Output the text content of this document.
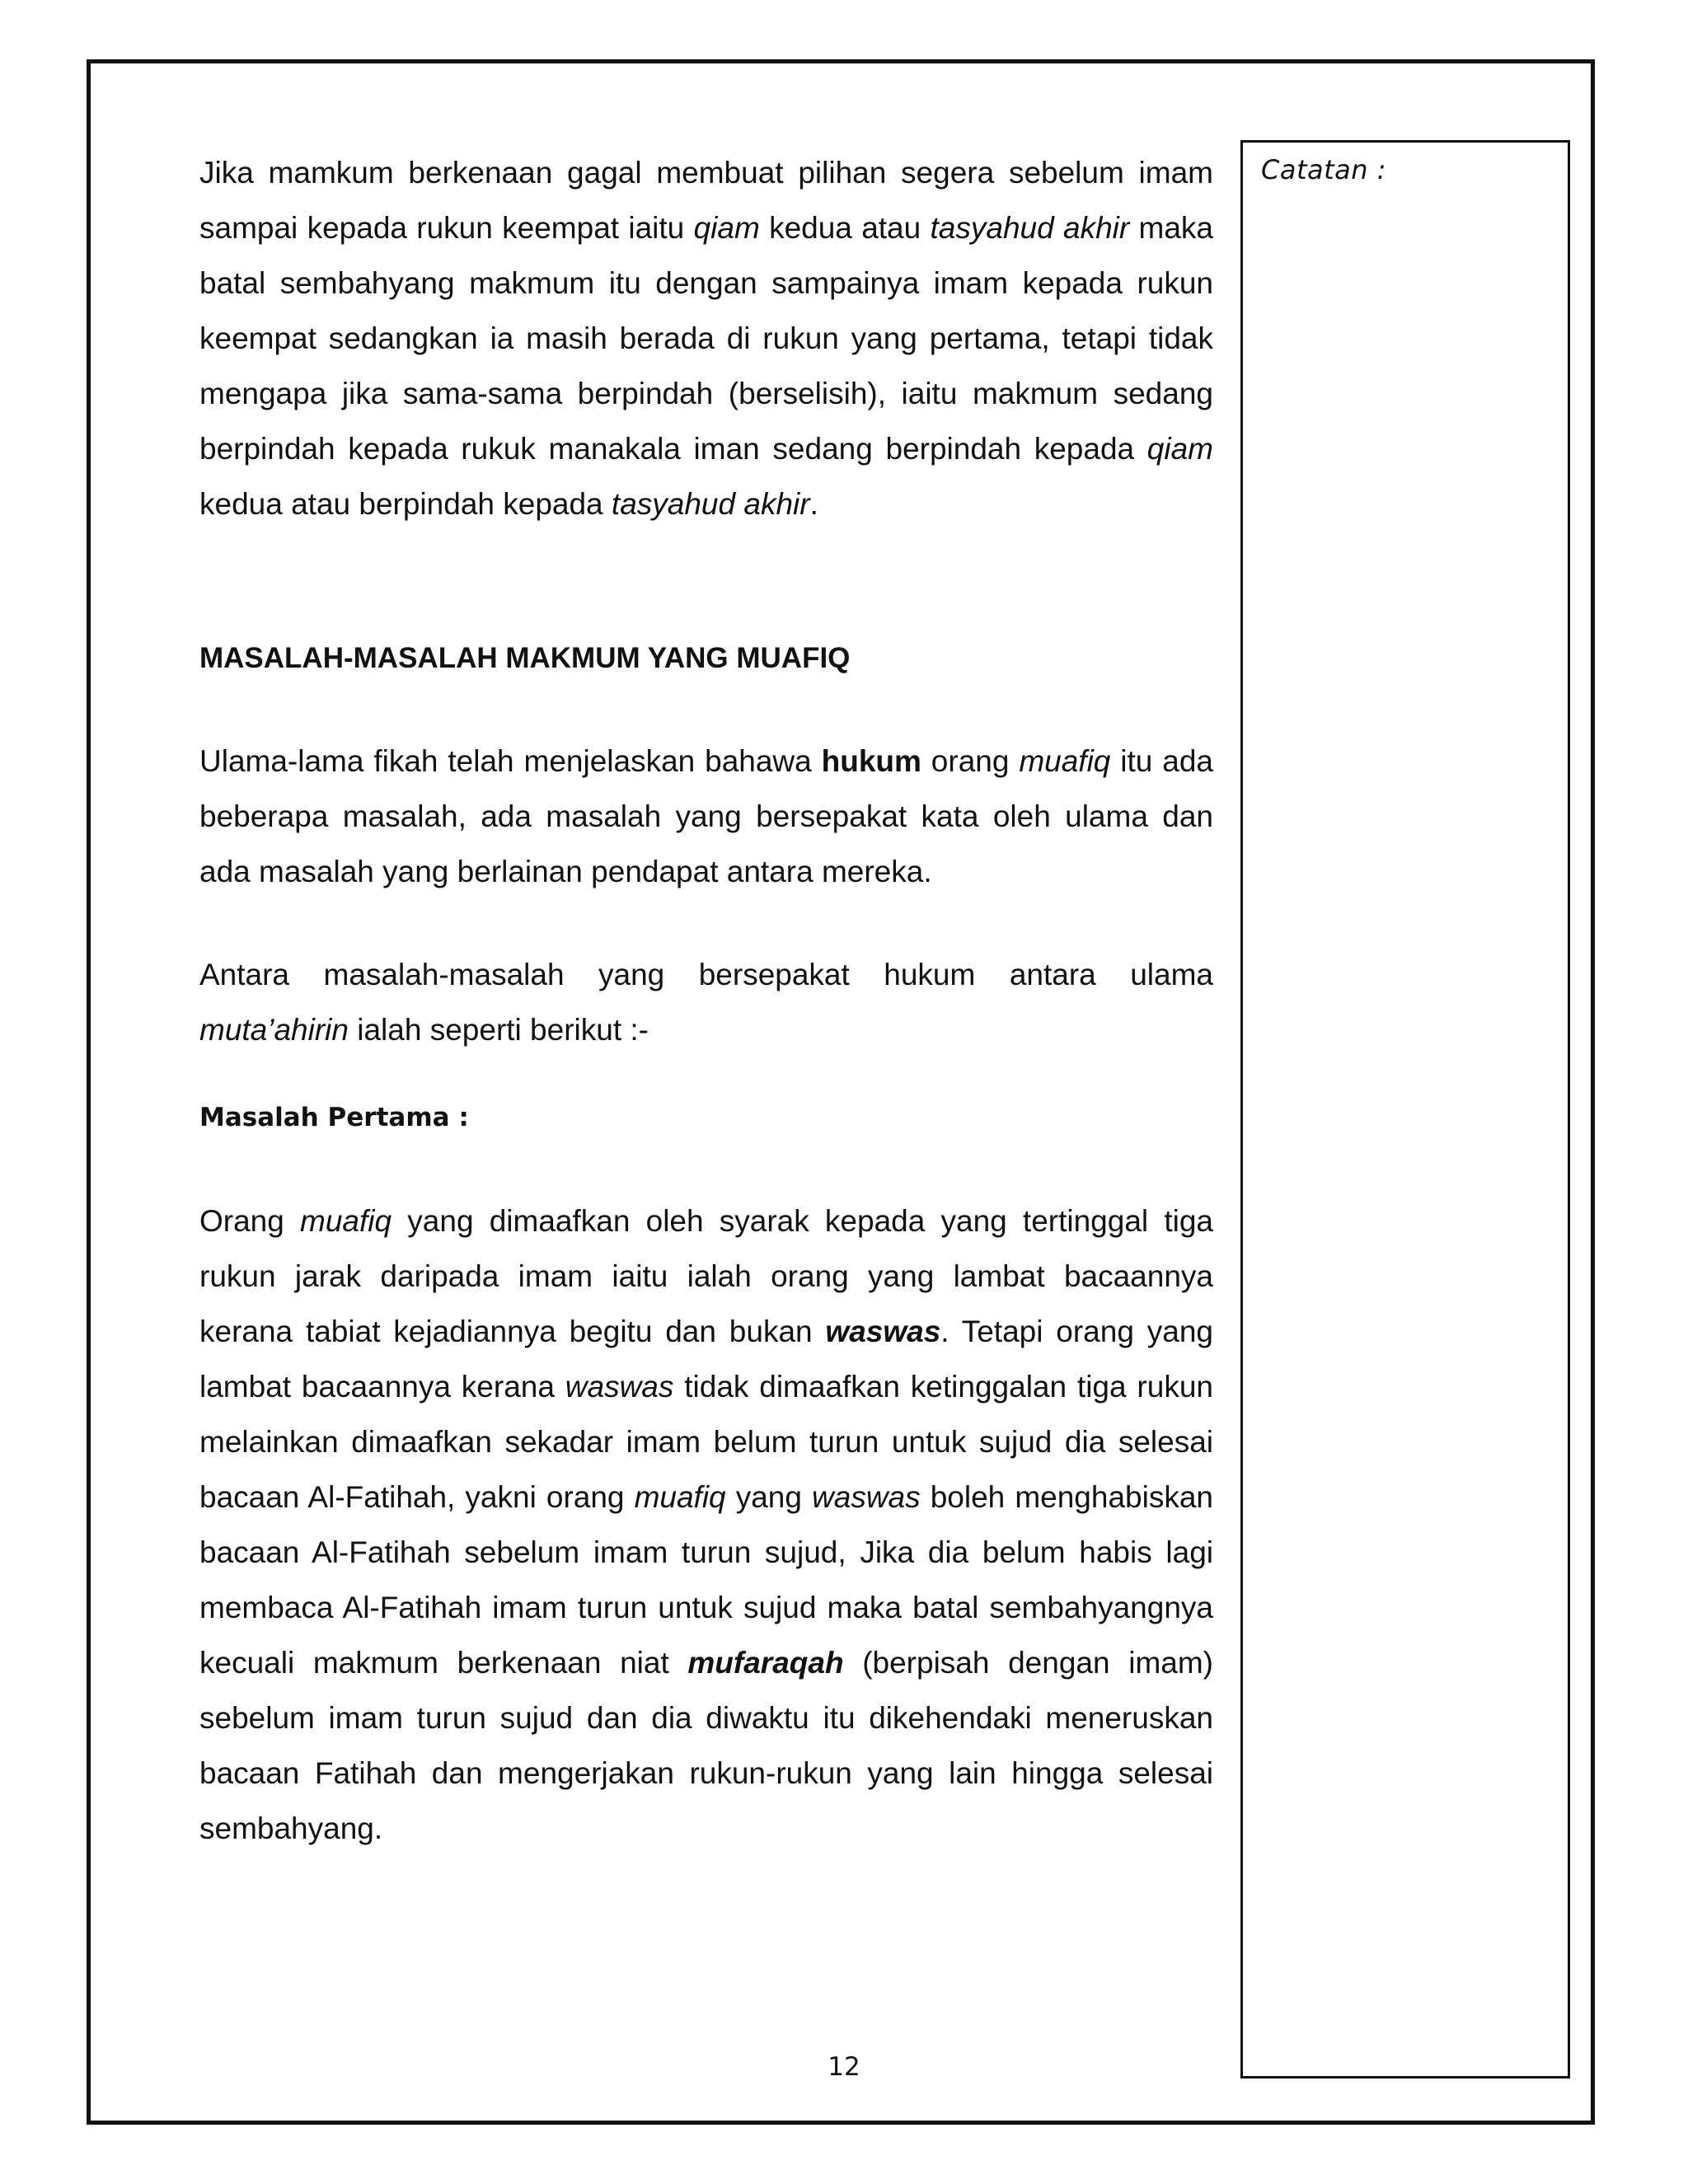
Catatan :

Jika mamkum berkenaan gagal membuat pilihan segera sebelum imam sampai kepada rukun keempat iaitu qiam kedua atau tasyahud akhir maka batal sembahyang makmum itu dengan sampainya imam kepada rukun keempat sedangkan ia masih berada di rukun yang pertama, tetapi tidak mengapa jika sama-sama berpindah (berselisih), iaitu makmum sedang berpindah kepada rukuk manakala iman sedang berpindah kepada qiam kedua atau berpindah kepada tasyahud akhir.

MASALAH-MASALAH MAKMUM YANG MUAFIQ

Ulama-lama fikah telah menjelaskan bahawa hukum orang muafiq itu ada beberapa masalah, ada masalah yang bersepakat kata oleh ulama dan ada masalah yang berlainan pendapat antara mereka.

Antara masalah-masalah yang bersepakat hukum antara ulama muta’ahirin ialah seperti berikut :-

Masalah Pertama :

Orang muafiq yang dimaafkan oleh syarak kepada yang tertinggal tiga rukun jarak daripada imam iaitu ialah orang yang lambat bacaannya kerana tabiat kejadiannya begitu dan bukan waswas. Tetapi orang yang lambat bacaannya kerana waswas tidak dimaafkan ketinggalan tiga rukun melainkan dimaafkan sekadar imam belum turun untuk sujud dia selesai bacaan Al-Fatihah, yakni orang muafiq yang waswas boleh menghabiskan bacaan Al-Fatihah sebelum imam turun sujud, Jika dia belum habis lagi membaca Al-Fatihah imam turun untuk sujud maka batal sembahyangnya kecuali makmum berkenaan niat mufaraqah (berpisah dengan imam) sebelum imam turun sujud dan dia diwaktu itu dikehendaki meneruskan bacaan Fatihah dan mengerjakan rukun-rukun yang lain hingga selesai sembahyang.

12
